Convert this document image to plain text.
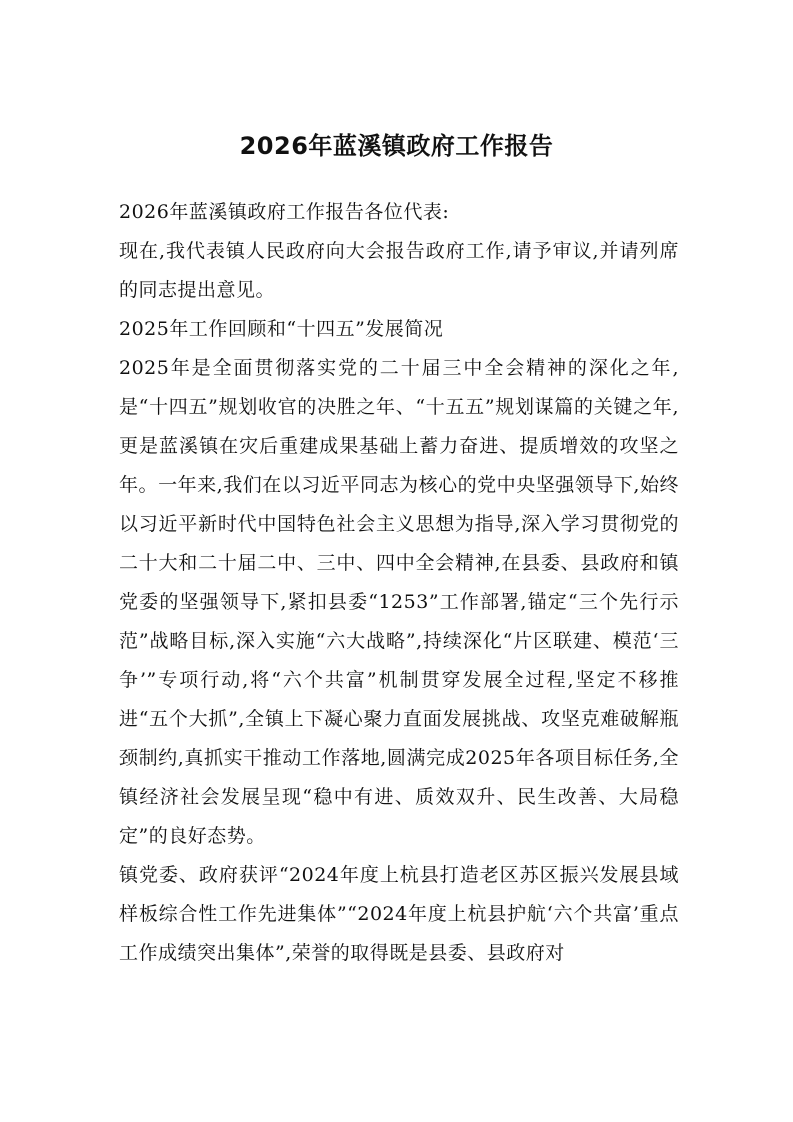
2026年蓝溪镇政府工作报告

2026年蓝溪镇政府工作报告各位代表:

现在,我代表镇人民政府向大会报告政府工作,请予审议,并请列席的同志提出意见。

2025年工作回顾和“十四五”发展简况

2025年是全面贯彻落实党的二十届三中全会精神的深化之年,是“十四五”规划收官的决胜之年、“十五五”规划谋篇的关键之年,更是蓝溪镇在灾后重建成果基础上蓄力奋进、提质增效的攻坚之年。一年来,我们在以习近平同志为核心的党中央坚强领导下,始终以习近平新时代中国特色社会主义思想为指导,深入学习贯彻党的二十大和二十届二中、三中、四中全会精神,在县委、县政府和镇党委的坚强领导下,紧扣县委“1253”工作部署,锚定“三个先行示范”战略目标,深入实施“六大战略”,持续深化“片区联建、模范‘三争’”专项行动,将“六个共富”机制贯穿发展全过程,坚定不移推进“五个大抓”,全镇上下凝心聚力直面发展挑战、攻坚克难破解瓶颈制约,真抓实干推动工作落地,圆满完成2025年各项目标任务,全镇经济社会发展呈现“稳中有进、质效双升、民生改善、大局稳定”的良好态势。

镇党委、政府获评“2024年度上杭县打造老区苏区振兴发展县域样板综合性工作先进集体”“2024年度上杭县护航‘六个共富’重点工作成绩突出集体”,荣誉的取得既是县委、县政府对
